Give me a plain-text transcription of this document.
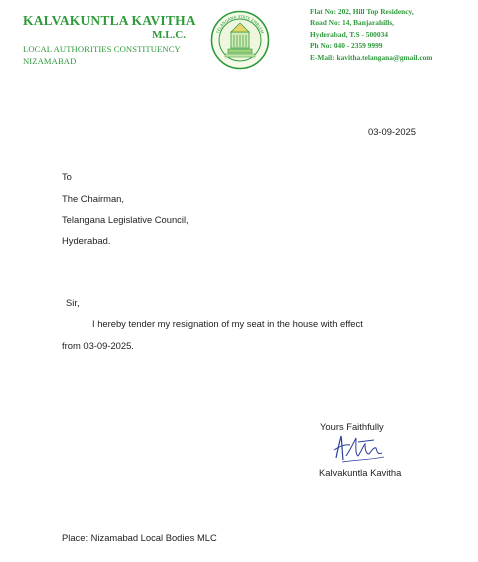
KALVAKUNTLA KAVITHA
M.L.C.
LOCAL AUTHORITIES CONSTITUENCY
NIZAMABAD
TELANGANA STATE EMBLEM
Flat No: 202, Hill Top Residency,
Road No: 14, Banjarahills,
Hyderabad, T.S - 500034
Ph No: 040 - 2359 9999
E-Mail: kavitha.telangana@gmail.com
03-09-2025
To
The Chairman,
Telangana Legislative Council,
Hyderabad.
Sir,
I hereby tender my resignation of my seat in the house with effect
from 03-09-2025.
Yours Faithfully
Kalvakuntla Kavitha
Place: Nizamabad Local Bodies MLC
